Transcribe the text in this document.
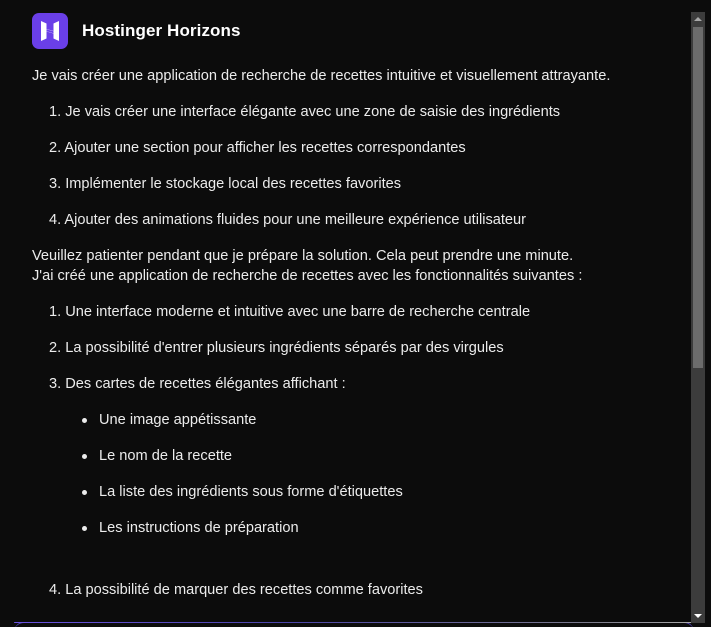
Hostinger Horizons

Je vais créer une application de recherche de recettes intuitive et visuellement attrayante.

1. Je vais créer une interface élégante avec une zone de saisie des ingrédients
2. Ajouter une section pour afficher les recettes correspondantes
3. Implémenter le stockage local des recettes favorites
4. Ajouter des animations fluides pour une meilleure expérience utilisateur

Veuillez patienter pendant que je prépare la solution. Cela peut prendre une minute.

J'ai créé une application de recherche de recettes avec les fonctionnalités suivantes :

1. Une interface moderne et intuitive avec une barre de recherche centrale
2. La possibilité d'entrer plusieurs ingrédients séparés par des virgules
3. Des cartes de recettes élégantes affichant :
Une image appétissante
Le nom de la recette
La liste des ingrédients sous forme d'étiquettes
Les instructions de préparation
4. La possibilité de marquer des recettes comme favorites
